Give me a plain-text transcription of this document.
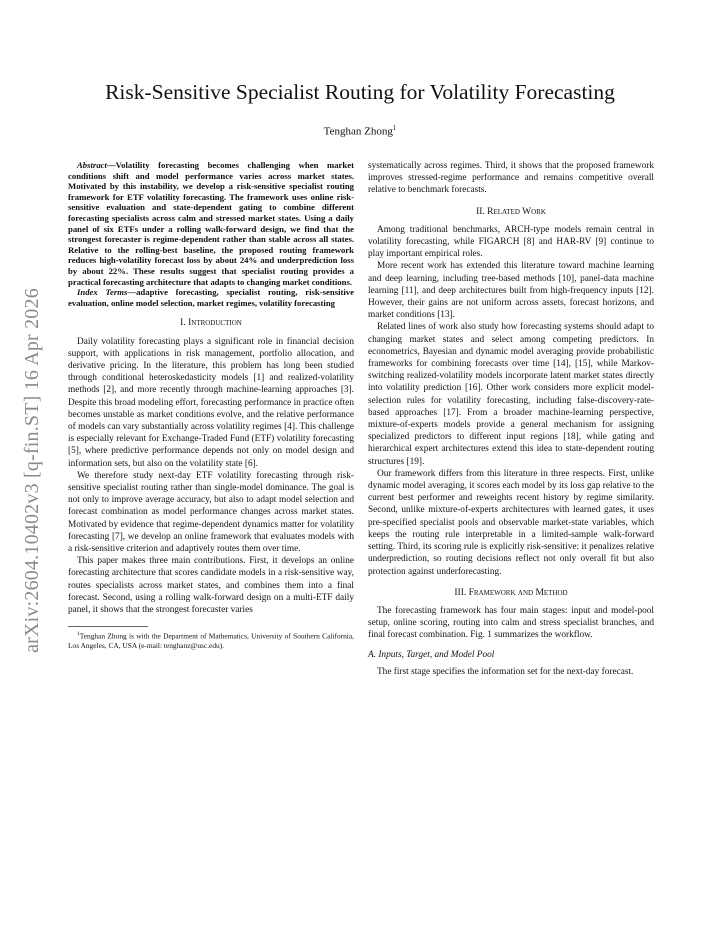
arXiv:2604.10402v3 [q-fin.ST] 16 Apr 2026
Risk-Sensitive Specialist Routing for Volatility Forecasting
Tenghan Zhong$^1$

Abstract—Volatility forecasting becomes challenging when market conditions shift and model performance varies across market states. Motivated by this instability, we develop a risk-sensitive specialist routing framework for ETF volatility forecasting. The framework uses online risk-sensitive evaluation and state-dependent gating to combine different forecasting specialists across calm and stressed market states. Using a daily panel of six ETFs under a rolling walk-forward design, we find that the strongest forecaster is regime-dependent rather than stable across all states. Relative to the rolling-best baseline, the proposed routing framework reduces high-volatility forecast loss by about 24% and underprediction loss by about 22%. These results suggest that specialist routing provides a practical forecasting architecture that adapts to changing market conditions.

Index Terms—adaptive forecasting, specialist routing, risk-sensitive evaluation, online model selection, market regimes, volatility forecasting

I. Introduction

Daily volatility forecasting plays a significant role in financial decision support, with applications in risk management, portfolio allocation, and derivative pricing. In the literature, this problem has long been studied through conditional heteroskedasticity models [1] and realized-volatility methods [2], and more recently through machine-learning approaches [3]. Despite this broad modeling effort, forecasting performance in practice often becomes unstable as market conditions evolve, and the relative performance of models can vary substantially across volatility regimes [4]. This challenge is especially relevant for Exchange-Traded Fund (ETF) volatility forecasting [5], where predictive performance depends not only on model design and information sets, but also on the volatility state [6].

We therefore study next-day ETF volatility forecasting through risk-sensitive specialist routing rather than single-model dominance. The goal is not only to improve average accuracy, but also to adapt model selection and forecast combination as model performance changes across market states. Motivated by evidence that regime-dependent dynamics matter for volatility forecasting [7], we develop an online framework that evaluates models with a risk-sensitive criterion and adaptively routes them over time.

This paper makes three main contributions. First, it develops an online forecasting architecture that scores candidate models in a risk-sensitive way, routes specialists across market states, and combines them into a final forecast. Second, using a rolling walk-forward design on a multi-ETF daily panel, it shows that the strongest forecaster varies

$^1$Tenghan Zhong is with the Department of Mathematics, University of Southern California, Los Angeles, CA, USA (e-mail: tenghanz@usc.edu).

systematically across regimes. Third, it shows that the proposed framework improves stressed-regime performance and remains competitive overall relative to benchmark forecasts.

II. Related Work

Among traditional benchmarks, ARCH-type models remain central in volatility forecasting, while FIGARCH [8] and HAR-RV [9] continue to play important empirical roles.

More recent work has extended this literature toward machine learning and deep learning, including tree-based methods [10], panel-data machine learning [11], and deep architectures built from high-frequency inputs [12]. However, their gains are not uniform across assets, forecast horizons, and market conditions [13].

Related lines of work also study how forecasting systems should adapt to changing market states and select among competing predictors. In econometrics, Bayesian and dynamic model averaging provide probabilistic frameworks for combining forecasts over time [14], [15], while Markov-switching realized-volatility models incorporate latent market states directly into volatility prediction [16]. Other work considers more explicit model-selection rules for volatility forecasting, including false-discovery-rate-based approaches [17]. From a broader machine-learning perspective, mixture-of-experts models provide a general mechanism for assigning specialized predictors to different input regions [18], while gating and hierarchical expert architectures extend this idea to state-dependent routing structures [19].

Our framework differs from this literature in three respects. First, unlike dynamic model averaging, it scores each model by its loss gap relative to the current best performer and reweights recent history by regime similarity. Second, unlike mixture-of-experts architectures with learned gates, it uses pre-specified specialist pools and observable market-state variables, which keeps the routing rule interpretable in a limited-sample walk-forward setting. Third, its scoring rule is explicitly risk-sensitive: it penalizes relative underprediction, so routing decisions reflect not only overall fit but also protection against underforecasting.

III. Framework and Method

The forecasting framework has four main stages: input and model-pool setup, online scoring, routing into calm and stress specialist branches, and final forecast combination. Fig. 1 summarizes the workflow.

A. Inputs, Target, and Model Pool

The first stage specifies the information set for the next-day forecast.
